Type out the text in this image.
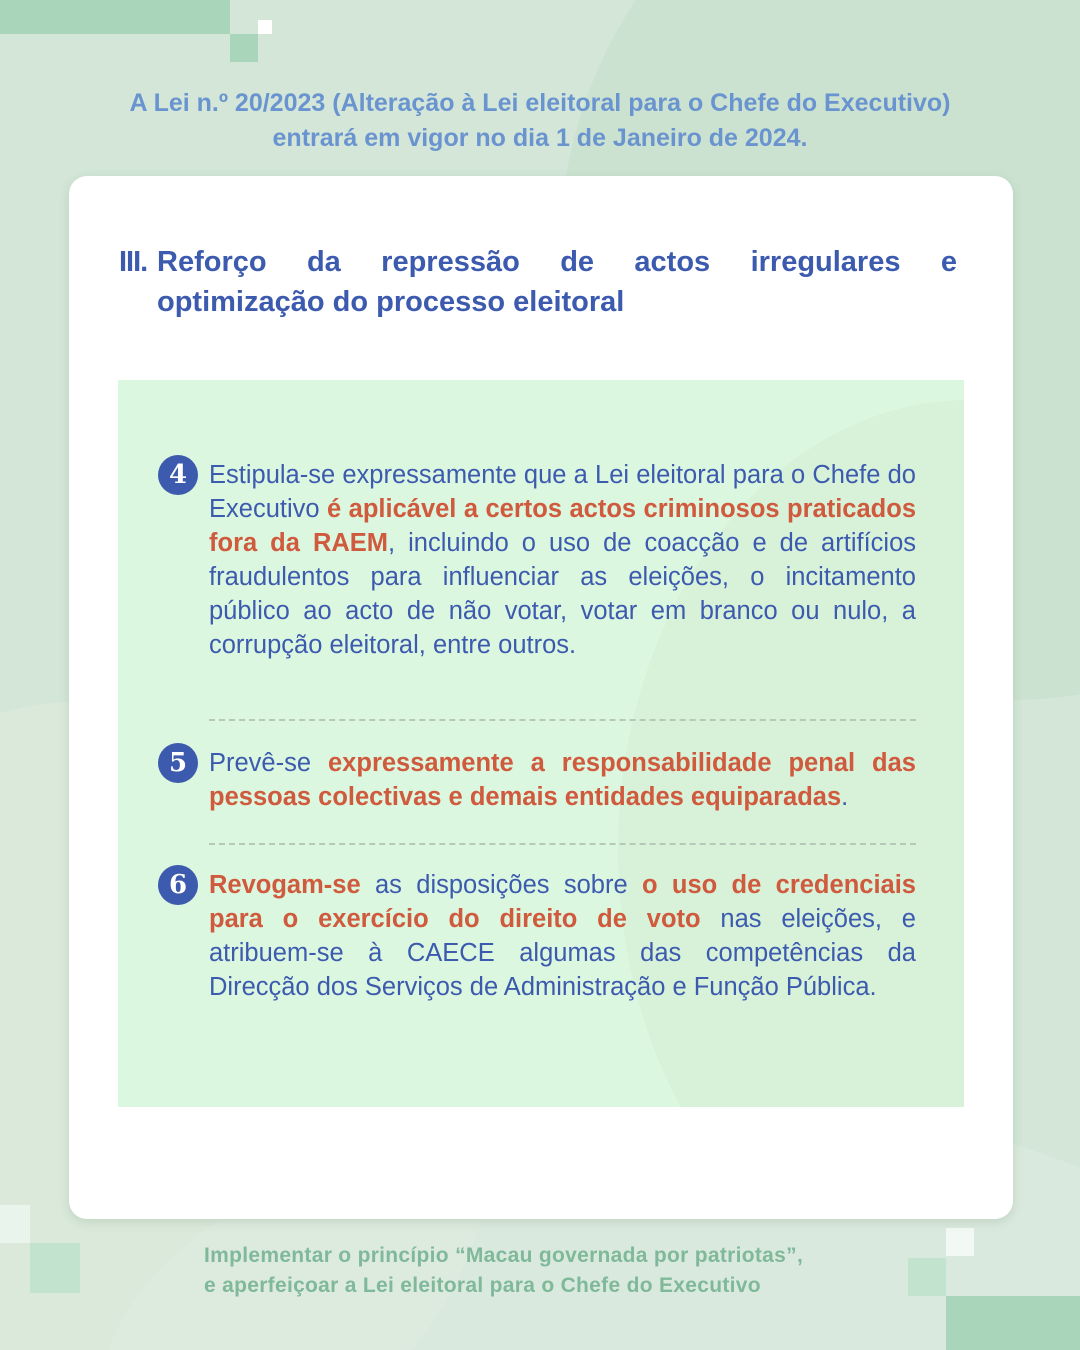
A Lei n.º 20/2023 (Alteração à Lei eleitoral para o Chefe do Executivo)
entrará em vigor no dia 1 de Janeiro de 2024.
III. Reforço da repressão de actos irregulares e
optimização do processo eleitoral
4 Estipula-se expressamente que a Lei eleitoral para o Chefe do Executivo é aplicável a certos actos criminosos praticados fora da RAEM, incluindo o uso de coacção e de artifícios fraudulentos para influenciar as eleições, o incitamento público ao acto de não votar, votar em branco ou nulo, a corrupção eleitoral, entre outros.
5 Prevê-se expressamente a responsabilidade penal das pessoas colectivas e demais entidades equiparadas.
6 Revogam-se as disposições sobre o uso de credenciais para o exercício do direito de voto nas eleições, e atribuem-se à CAECE algumas das competências da Direcção dos Serviços de Administração e Função Pública.
Implementar o princípio “Macau governada por patriotas”,
e aperfeiçoar a Lei eleitoral para o Chefe do Executivo
